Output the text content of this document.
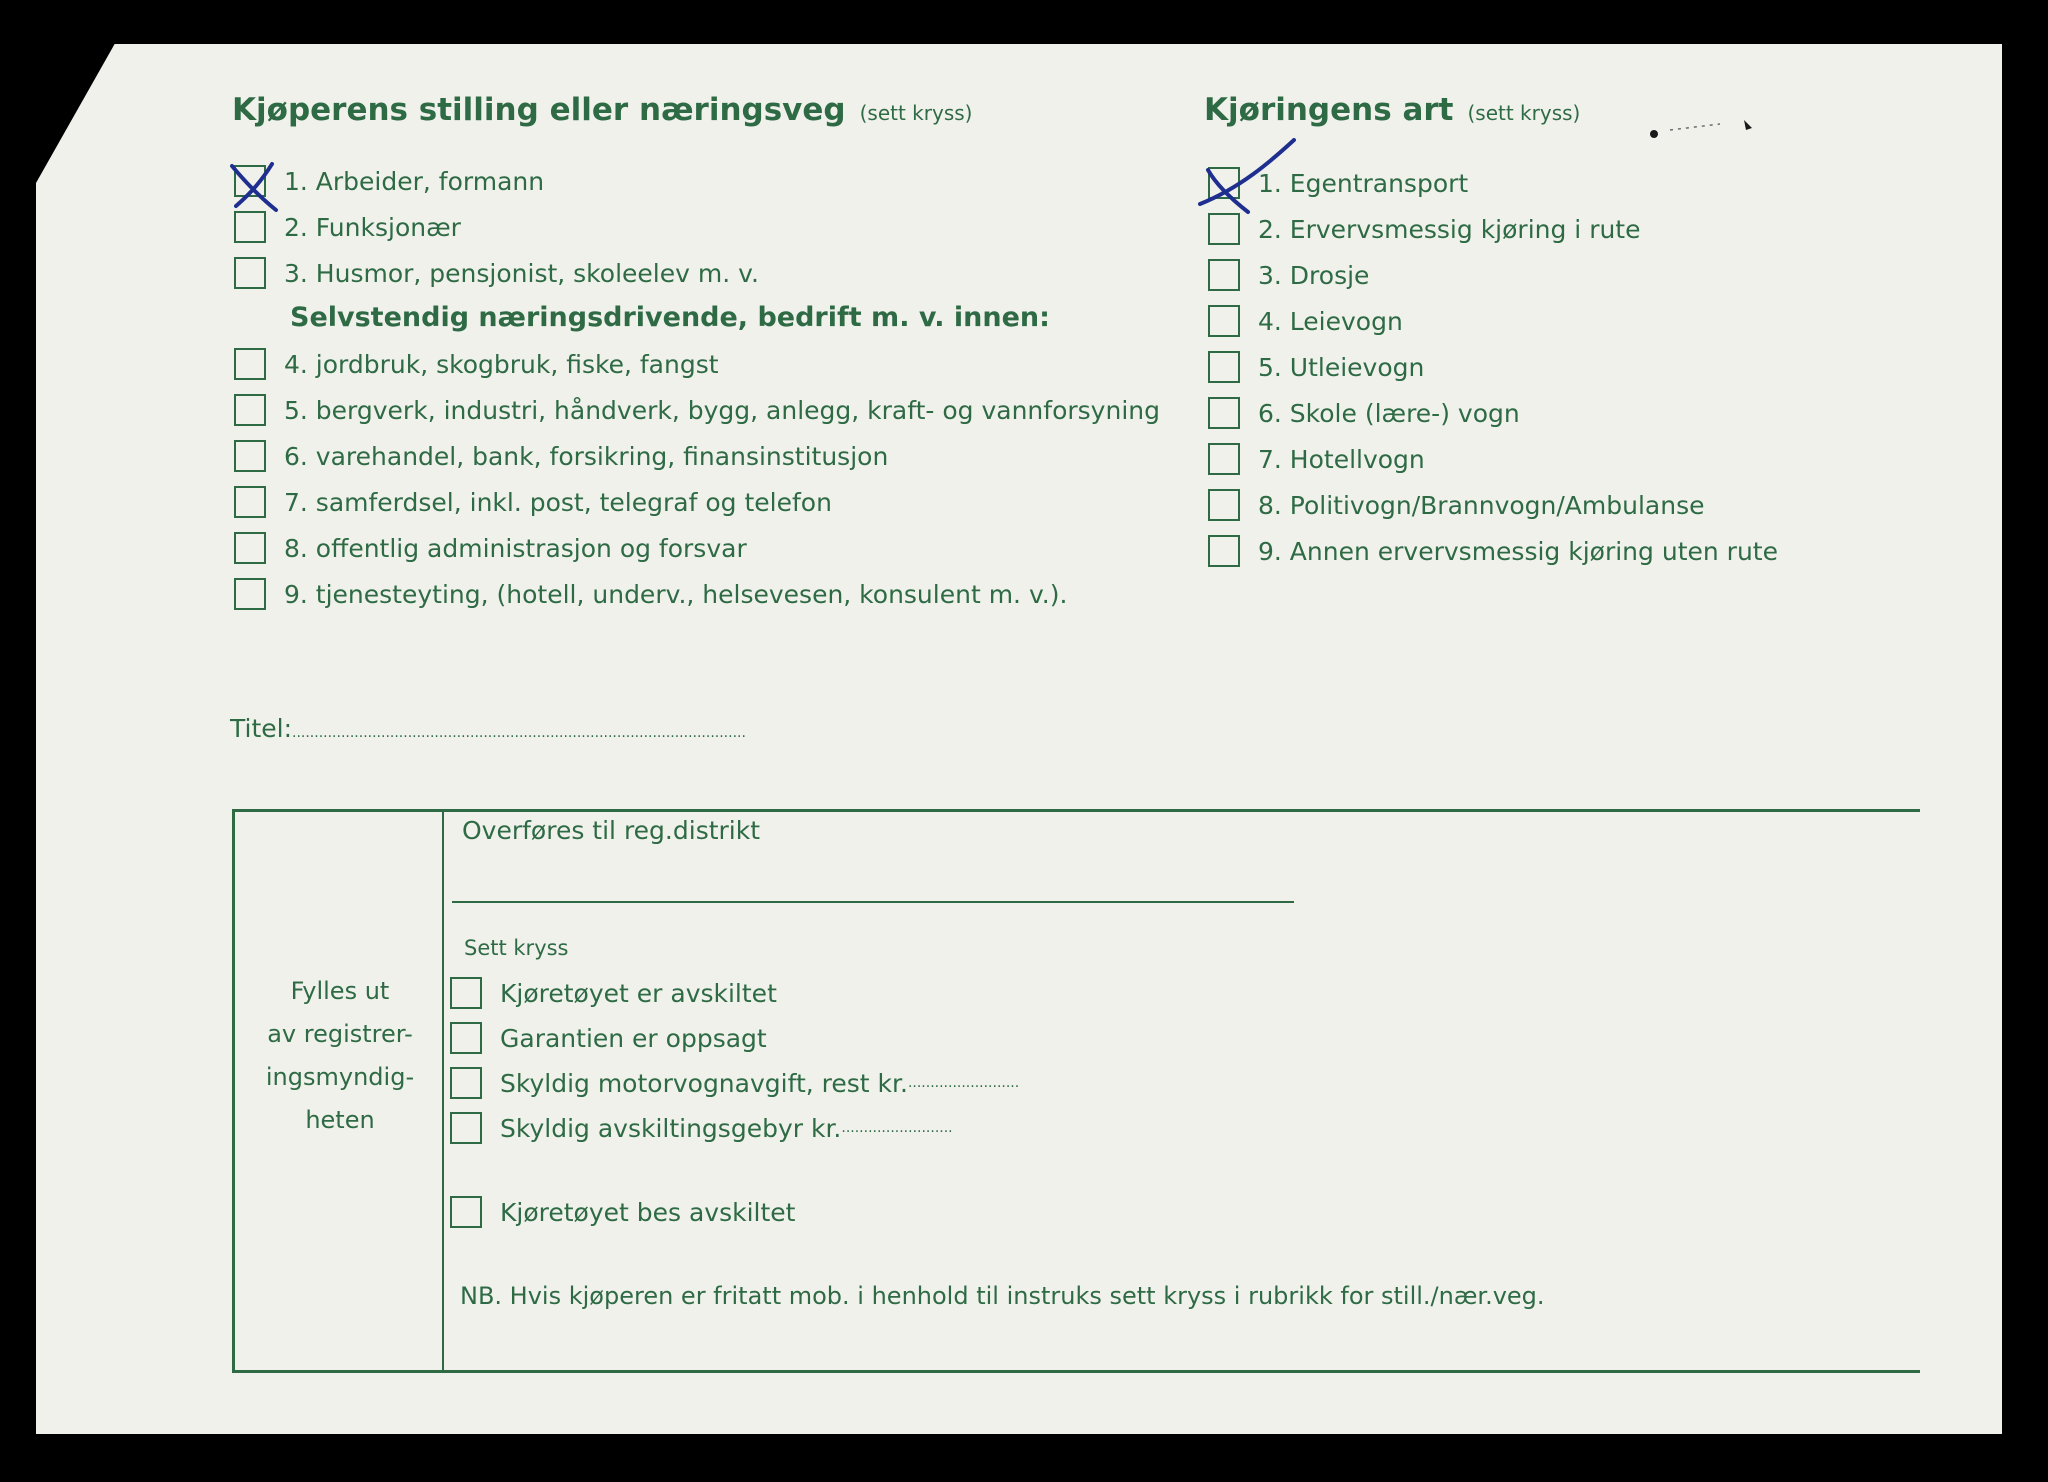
Kjøperens stilling eller næringsveg (sett kryss)
1. Arbeider, formann
2. Funksjonær
3. Husmor, pensjonist, skoleelev m. v.
Selvstendig næringsdrivende, bedrift m. v. innen:
4. jordbruk, skogbruk, fiske, fangst
5. bergverk, industri, håndverk, bygg, anlegg, kraft- og vannforsyning
6. varehandel, bank, forsikring, finansinstitusjon
7. samferdsel, inkl. post, telegraf og telefon
8. offentlig administrasjon og forsvar
9. tjenesteyting, (hotell, underv., helsevesen, konsulent m. v.).
Kjøringens art (sett kryss)
1. Egentransport
2. Ervervsmessig kjøring i rute
3. Drosje
4. Leievogn
5. Utleievogn
6. Skole (lære-) vogn
7. Hotellvogn
8. Politivogn/Brannvogn/Ambulanse
9. Annen ervervsmessig kjøring uten rute
Titel:......................................................................................................
Fylles ut
av registrer-
ingsmyndig-
heten
Overføres til reg.distrikt
Sett kryss
Kjøretøyet er avskiltet
Garantien er oppsagt
Skyldig motorvognavgift, rest kr. .........................
Skyldig avskiltingsgebyr kr. .........................
Kjøretøyet bes avskiltet
NB. Hvis kjøperen er fritatt mob. i henhold til instruks sett kryss i rubrikk for still./nær.veg.
